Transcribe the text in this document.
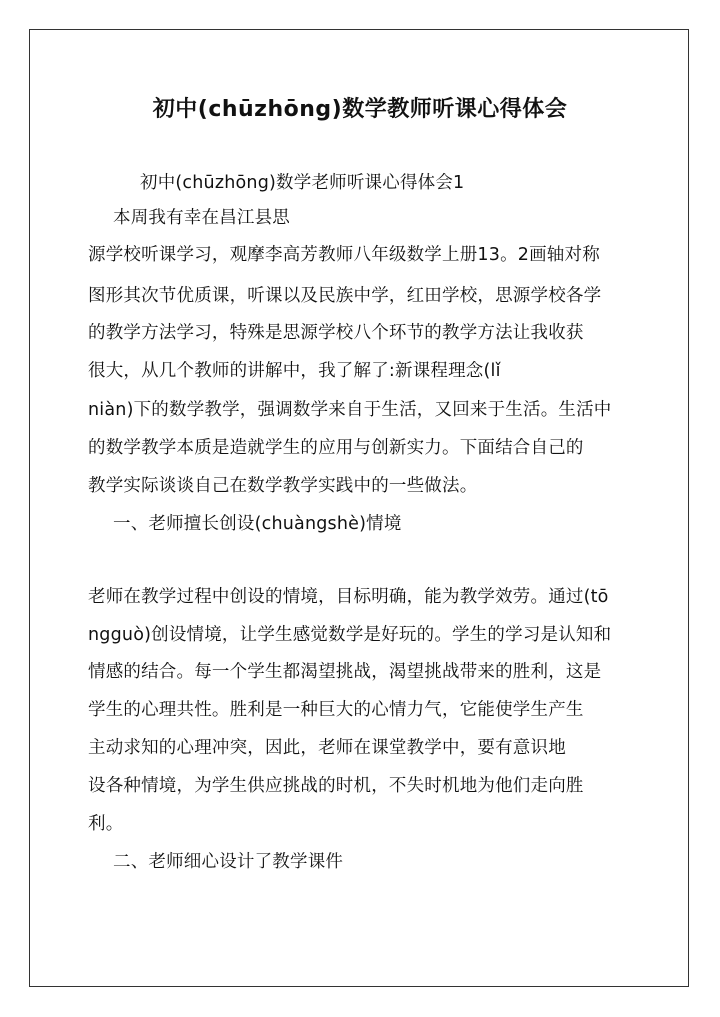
初中(chūzhōng)数学教师听课心得体会
初中(chūzhōng)数学老师听课心得体会1
本周我有幸在昌江县思
源学校听课学习，观摩李高芳教师八年级数学上册13。2画轴对称
图形其次节优质课，听课以及民族中学，红田学校，思源学校各学
的教学方法学习，特殊是思源学校八个环节的教学方法让我收获
很大，从几个教师的讲解中，我了解了:新课程理念(lǐ
niàn)下的数学教学，强调数学来自于生活，又回来于生活。生活中
的数学教学本质是造就学生的应用与创新实力。下面结合自己的
教学实际谈谈自己在数学教学实践中的一些做法。
一、老师擅长创设(chuàngshè)情境
老师在教学过程中创设的情境，目标明确，能为教学效劳。通过(tō
ngguò)创设情境，让学生感觉数学是好玩的。学生的学习是认知和
情感的结合。每一个学生都渴望挑战，渴望挑战带来的胜利，这是
学生的心理共性。胜利是一种巨大的心情力气，它能使学生产生
主动求知的心理冲突，因此，老师在课堂教学中，要有意识地
设各种情境，为学生供应挑战的时机，不失时机地为他们走向胜
利。
二、老师细心设计了教学课件
